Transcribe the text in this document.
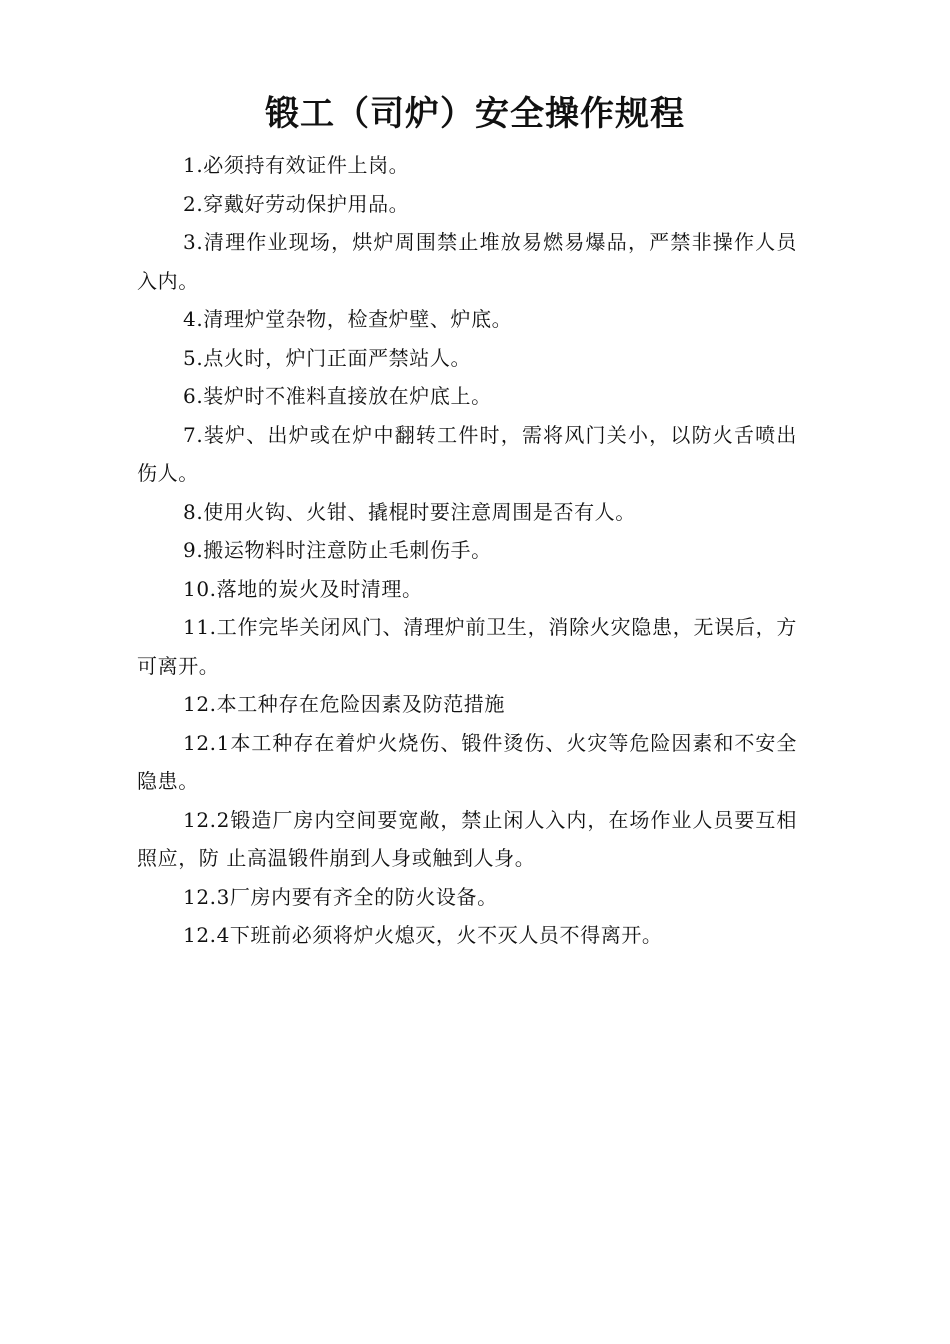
锻工（司炉）安全操作规程

1.必须持有效证件上岗。

2.穿戴好劳动保护用品。

3.清理作业现场，烘炉周围禁止堆放易燃易爆品，严禁非操作人员入内。

4.清理炉堂杂物，检查炉壁、炉底。

5.点火时，炉门正面严禁站人。

6.装炉时不准料直接放在炉底上。

7.装炉、出炉或在炉中翻转工件时，需将风门关小，以防火舌喷出伤人。

8.使用火钩、火钳、撬棍时要注意周围是否有人。

9.搬运物料时注意防止毛刺伤手。

10.落地的炭火及时清理。

11.工作完毕关闭风门、清理炉前卫生，消除火灾隐患，无误后，方可离开。

12.本工种存在危险因素及防范措施

12.1本工种存在着炉火烧伤、锻件烫伤、火灾等危险因素和不安全隐患。

12.2锻造厂房内空间要宽敞，禁止闲人入内，在场作业人员要互相照应，防 止高温锻件崩到人身或触到人身。

12.3厂房内要有齐全的防火设备。

12.4下班前必须将炉火熄灭，火不灭人员不得离开。
